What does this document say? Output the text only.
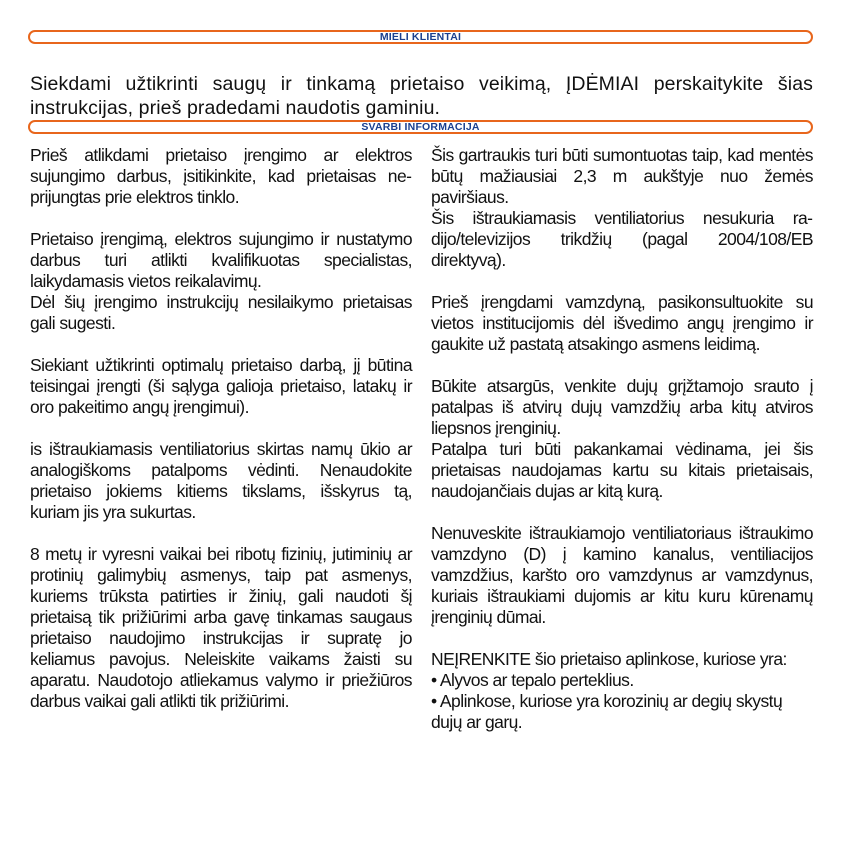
MIELI KLIENTAI

Siekdami užtikrinti saugų ir tinkamą prietaiso veikimą, ĮDĖMIAI perskaitykite šias instrukcijas, prieš pradedami naudotis gaminiu.

SVARBI INFORMACIJA

Prieš atlikdami prietaiso įrengimo ar elektros sujungimo darbus, įsitikinkite, kad prietaisas neprijungtas prie elektros tinklo.

Prietaiso įrengimą, elektros sujungimo ir nustatymo darbus turi atlikti kvalifikuotas specialistas, laikydamasis vietos reikalavimų.

Dėl šių įrengimo instrukcijų nesilaikymo prietaisas gali sugesti.

Siekiant užtikrinti optimalų prietaiso darbą, jį būtina teisingai įrengti (ši sąlyga galioja prietaiso, latakų ir oro pakeitimo angų įrengimui).

is ištraukiamasis ventiliatorius skirtas namų ūkio ar analogiškoms patalpoms vėdinti. Nenaudokite prietaiso jokiems kitiems tikslams, išskyrus tą, kuriam jis yra sukurtas.

8 metų ir vyresni vaikai bei ribotų fizinių, jutiminių ar protinių galimybių asmenys, taip pat asmenys, kuriems trūksta patirties ir žinių, gali naudoti šį prietaisą tik prižiūrimi arba gavę tinkamas saugaus prietaiso naudojimo instrukcijas ir supratę jo keliamus pavojus. Neleiskite vaikams žaisti su aparatu. Naudotojo atliekamus valymo ir priežiūros darbus vaikai gali atlikti tik prižiūrimi.

Šis gartraukis turi būti sumontuotas taip, kad mentės būtų mažiausiai 2,3 m aukštyje nuo žemės paviršiaus.

Šis ištraukiamasis ventiliatorius nesukuria radijo/televizijos trikdžių (pagal 2004/108/EB direktyvą).

Prieš įrengdami vamzdyną, pasikonsultuokite su vietos institucijomis dėl išvedimo angų įrengimo ir gaukite už pastatą atsakingo asmens leidimą.

Būkite atsargūs, venkite dujų grįžtamojo srauto į patalpas iš atvirų dujų vamzdžių arba kitų atviros liepsnos įrenginių.

Patalpa turi būti pakankamai vėdinama, jei šis prietaisas naudojamas kartu su kitais prietaisais, naudojančiais dujas ar kitą kurą.

Nenuveskite ištraukiamojo ventiliatoriaus ištraukimo vamzdyno (D) į kamino kanalus, ventiliacijos vamzdžius, karšto oro vamzdynus ar vamzdynus, kuriais ištraukiami dujomis ar kitu kuru kūrenamų įrenginių dūmai.

NEĮRENKITE šio prietaiso aplinkose, kuriose yra:

• Alyvos ar tepalo perteklius.

• Aplinkose, kuriose yra korozinių ar degių skystų dujų ar garų.
